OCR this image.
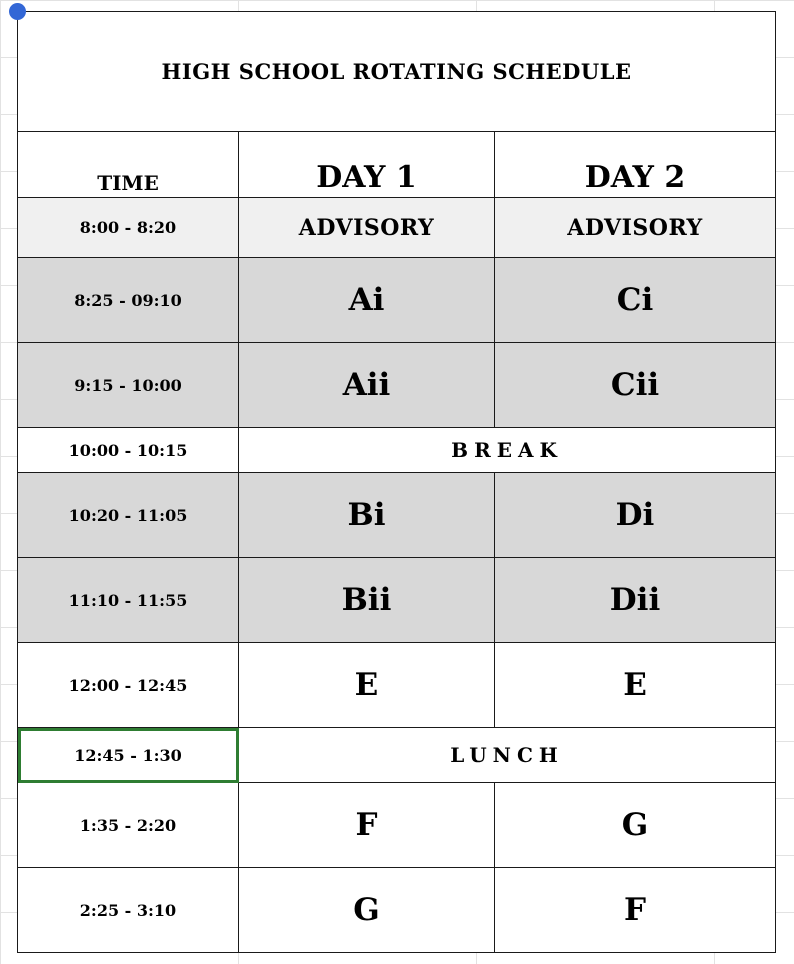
HIGH SCHOOL ROTATING SCHEDULE		
TIME	DAY 1	DAY 2
8:00 - 8:20	ADVISORY	ADVISORY
8:25 - 09:10	Ai	Ci
9:15 - 10:00	Aii	Cii
10:00 - 10:15	BREAK	
10:20 - 11:05	Bi	Di
11:10 - 11:55	Bii	Dii
12:00 - 12:45	E	E
12:45 - 1:30	LUNCH	
1:35 - 2:20	F	G
2:25 - 3:10	G	F
